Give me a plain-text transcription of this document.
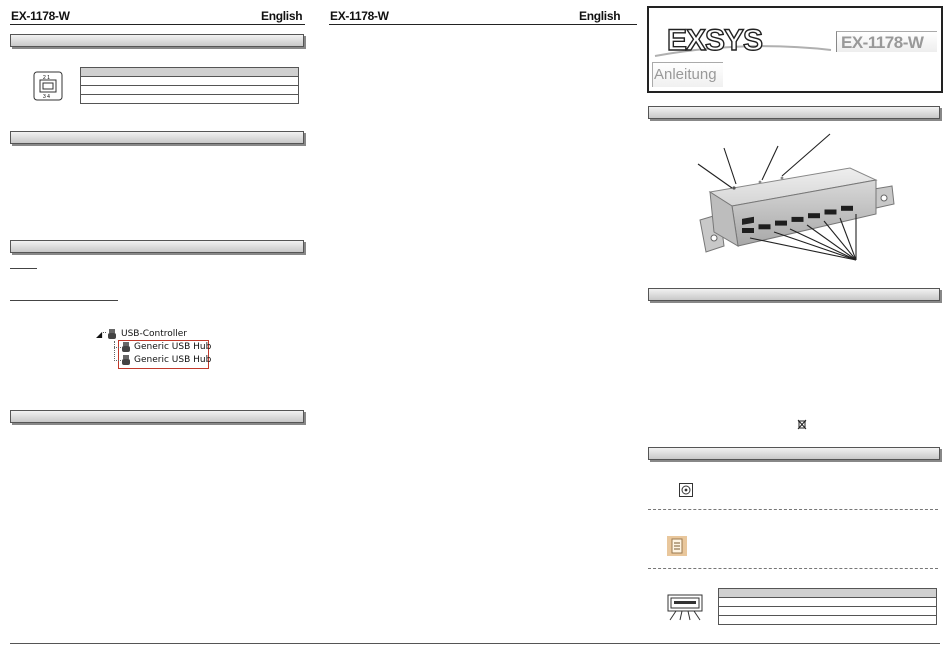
EX-1178-W	English
2 1
3 4

◢ USB-Controller
Generic USB Hub
Generic USB Hub
EX-1178-W	English
EXSYS	EX-1178-W
Anleitung
